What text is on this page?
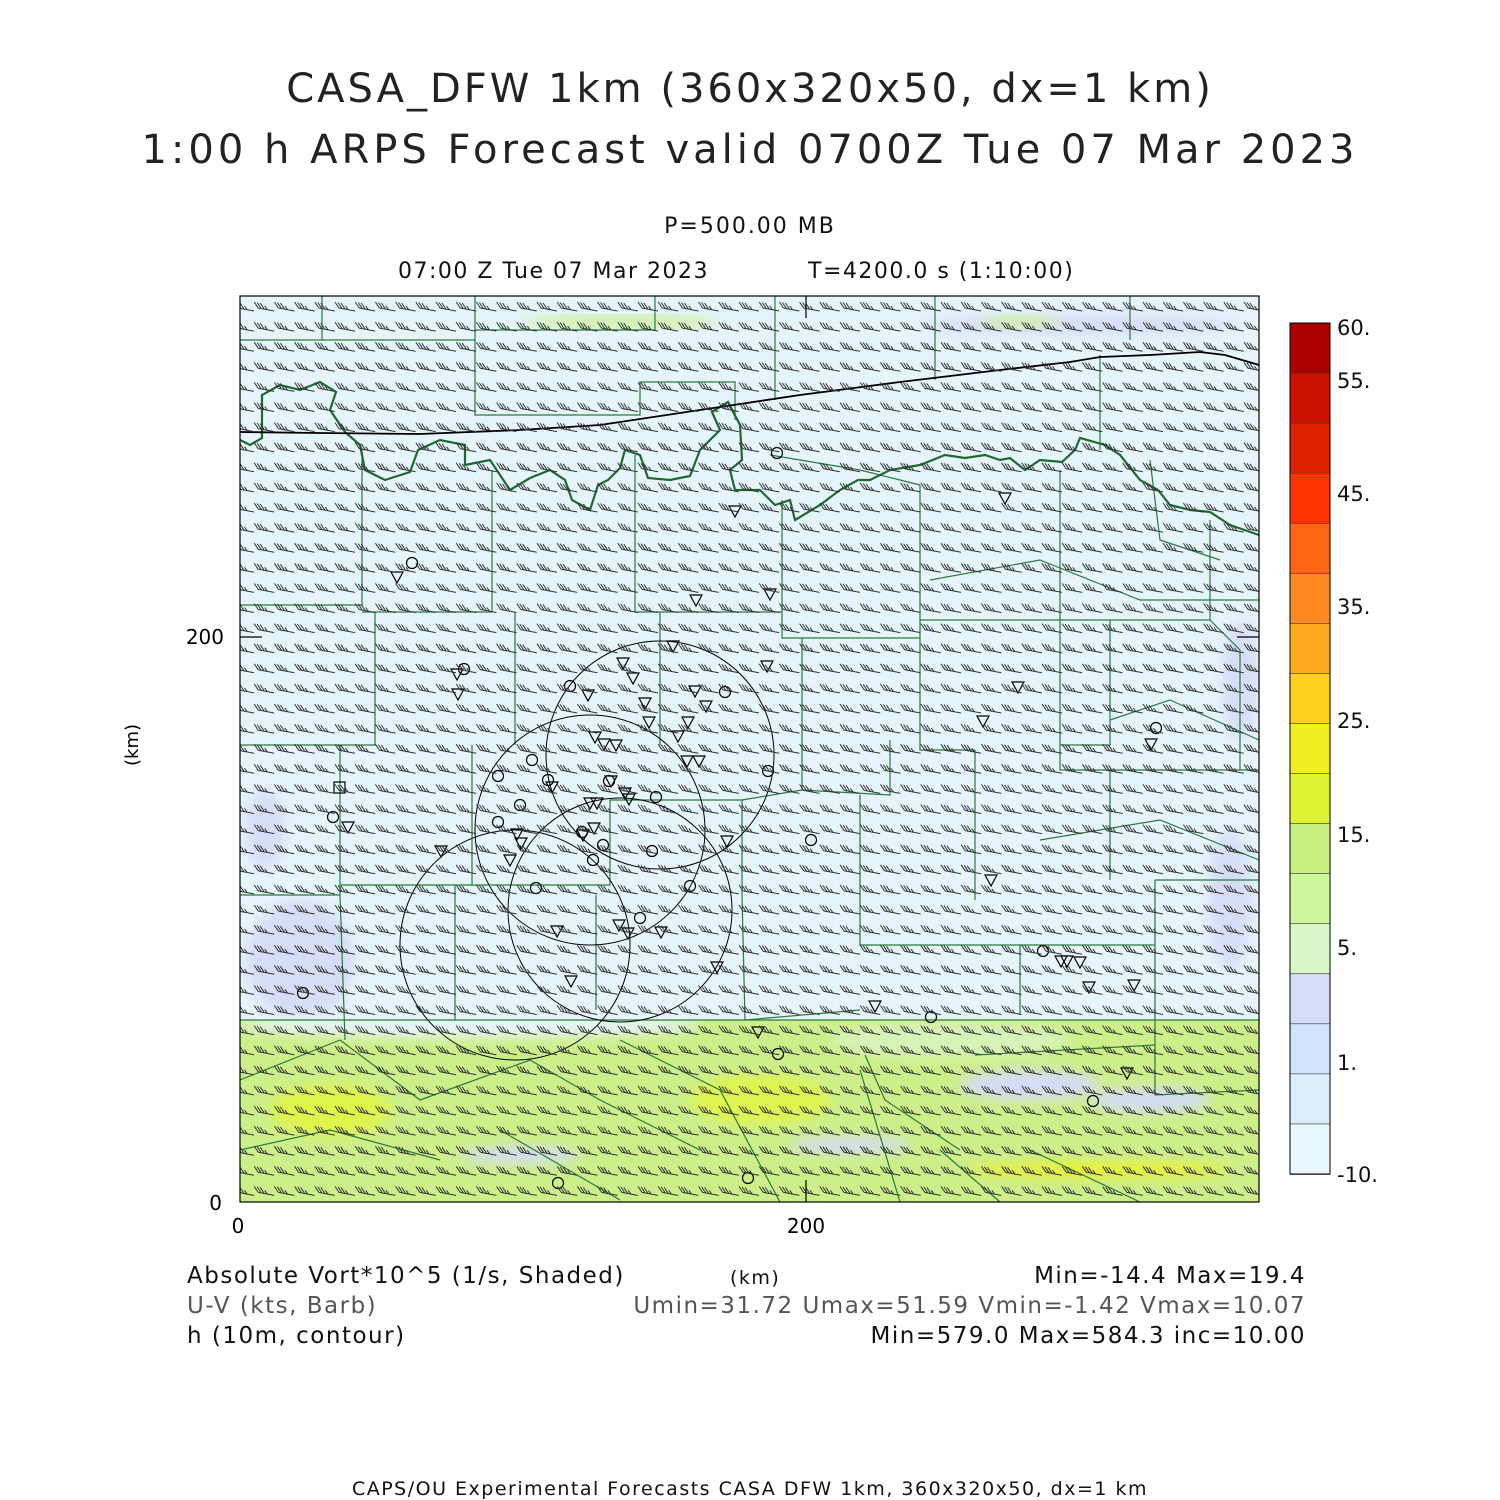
0	200
0
200
(km)
60.
55.
45.
35.
25.
15.
5.
1.
-10.
CASA_DFW 1km (360x320x50, dx=1 km)
1:00 h ARPS Forecast valid 0700Z Tue 07 Mar 2023
P=500.00 MB
07:00 Z Tue 07 Mar 2023	T=4200.0 s (1:10:00)
Absolute Vort*10^5 (1/s, Shaded)	(km)	Min=-14.4 Max=19.4
U-V (kts, Barb)	Umin=31.72 Umax=51.59 Vmin=-1.42 Vmax=10.07
h (10m, contour)	Min=579.0 Max=584.3 inc=10.00
CAPS/OU Experimental Forecasts CASA DFW 1km, 360x320x50, dx=1 km
